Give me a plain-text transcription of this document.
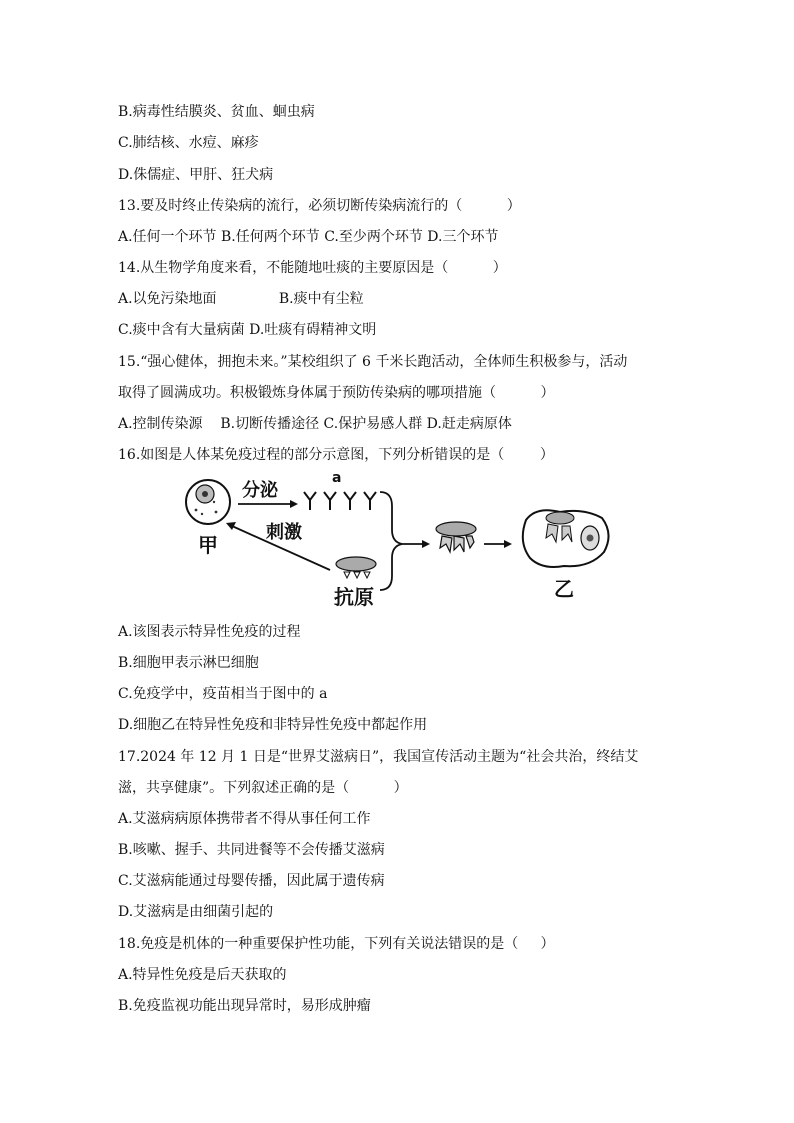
B.病毒性结膜炎、贫血、蛔虫病
C.肺结核、水痘、麻疹
D.侏儒症、甲肝、狂犬病
13.要及时终止传染病的流行，必须切断传染病流行的（          ）
A.任何一个环节 B.任何两个环节 C.至少两个环节 D.三个环节
14.从生物学角度来看，不能随地吐痰的主要原因是（          ）
A.以免污染地面              B.痰中有尘粒
C.痰中含有大量病菌 D.吐痰有碍精神文明
15.“强心健体，拥抱未来。”某校组织了 6 千米长跑活动，全体师生积极参与，活动
取得了圆满成功。积极锻炼身体属于预防传染病的哪项措施（          ）
A.控制传染源    B.切断传播途径 C.保护易感人群 D.赶走病原体
16.如图是人体某免疫过程的部分示意图，下列分析错误的是（        ）
甲
分泌
a
刺激
抗原	乙
A.该图表示特异性免疫的过程
B.细胞甲表示淋巴细胞
C.免疫学中，疫苗相当于图中的 a
D.细胞乙在特异性免疫和非特异性免疫中都起作用
17.2024 年 12 月 1 日是“世界艾滋病日”，我国宣传活动主题为“社会共治，终结艾
滋，共享健康”。下列叙述正确的是（          ）
A.艾滋病病原体携带者不得从事任何工作
B.咳嗽、握手、共同进餐等不会传播艾滋病
C.艾滋病能通过母婴传播，因此属于遗传病
D.艾滋病是由细菌引起的
18.免疫是机体的一种重要保护性功能，下列有关说法错误的是（     ）
A.特异性免疫是后天获取的
B.免疫监视功能出现异常时，易形成肿瘤
